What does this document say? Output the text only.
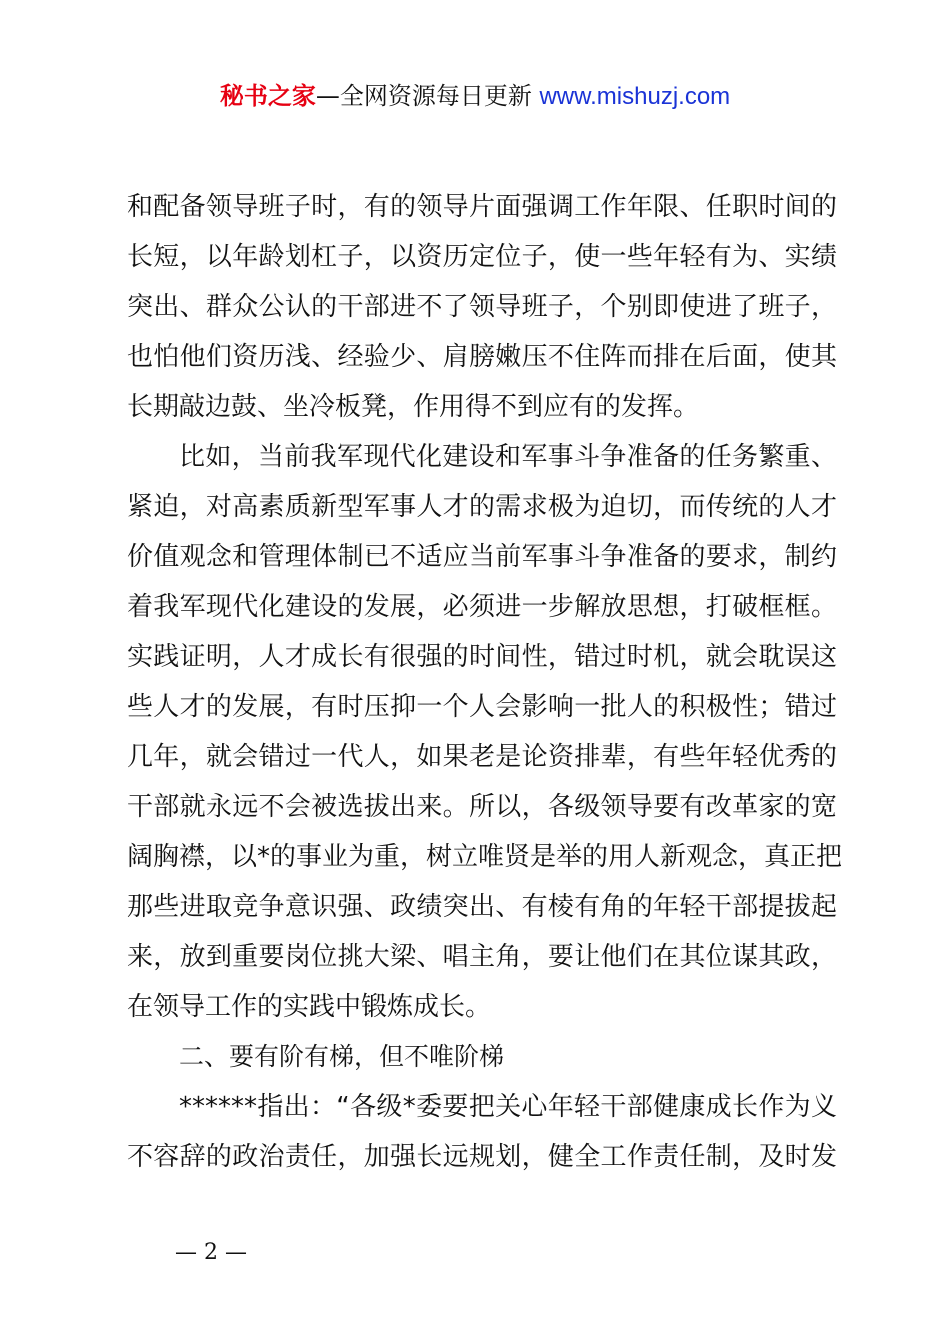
秘书之家—全网资源每日更新 www.mishuzj.com
和配备领导班子时，有的领导片面强调工作年限、任职时间的
长短，以年龄划杠子，以资历定位子，使一些年轻有为、实绩
突出、群众公认的干部进不了领导班子，个别即使进了班子，
也怕他们资历浅、经验少、肩膀嫩压不住阵而排在后面，使其
长期敲边鼓、坐冷板凳，作用得不到应有的发挥。
比如，当前我军现代化建设和军事斗争准备的任务繁重、
紧迫，对高素质新型军事人才的需求极为迫切，而传统的人才
价值观念和管理体制已不适应当前军事斗争准备的要求，制约
着我军现代化建设的发展，必须进一步解放思想，打破框框。
实践证明，人才成长有很强的时间性，错过时机，就会耽误这
些人才的发展，有时压抑一个人会影响一批人的积极性；错过
几年，就会错过一代人，如果老是论资排辈，有些年轻优秀的
干部就永远不会被选拔出来。所以，各级领导要有改革家的宽
阔胸襟，以*的事业为重，树立唯贤是举的用人新观念，真正把
那些进取竞争意识强、政绩突出、有棱有角的年轻干部提拔起
来，放到重要岗位挑大梁、唱主角，要让他们在其位谋其政，
在领导工作的实践中锻炼成长。
二、要有阶有梯，但不唯阶梯
******指出：“各级*委要把关心年轻干部健康成长作为义
不容辞的政治责任，加强长远规划，健全工作责任制，及时发
— 2 —
